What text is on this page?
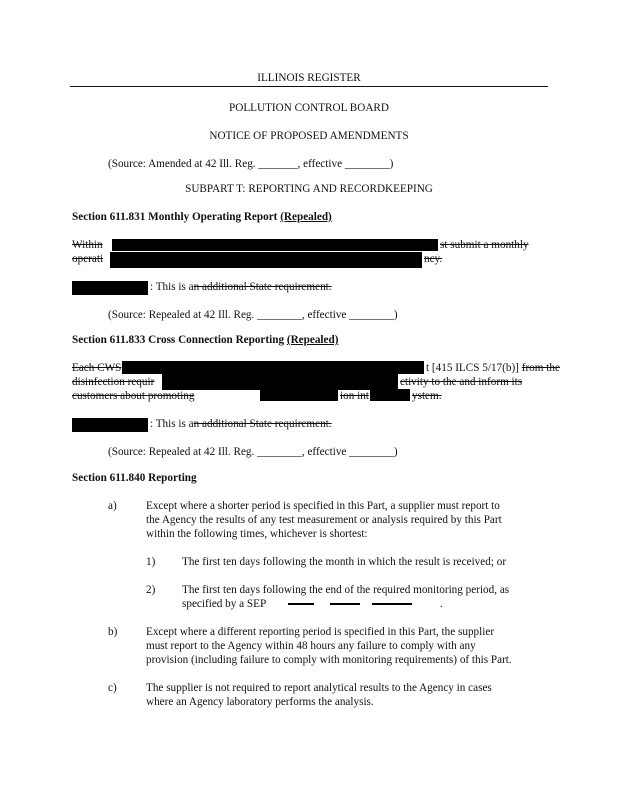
ILLINOIS REGISTER
POLLUTION CONTROL BOARD
NOTICE OF PROPOSED AMENDMENTS
(Source: Amended at 42 Ill. Reg. _______, effective ________)
SUBPART T: REPORTING AND RECORDKEEPING
Section 611.831 Monthly Operating Report (Repealed)
Within	st submit a monthly
operati	ncy.
: This is an additional State requirement.
(Source: Repealed at 42 Ill. Reg. ________, effective ________)
Section 611.833 Cross Connection Reporting (Repealed)
Each CWS	t [415 ILCS 5/17(b)] from the
disinfection requir	ctivity to the and inform its
customers about promoting	ion int	ystem.
: This is an additional State requirement.
(Source: Repealed at 42 Ill. Reg. ________, effective ________)
Section 611.840 Reporting
a)	Except where a shorter period is specified in this Part, a supplier must report to
the Agency the results of any test measurement or analysis required by this Part
within the following times, whichever is shortest:
1) The first ten days following the month in which the result is received; or
2) The first ten days following the end of the required monitoring period, as
specified by a SEP	.
b)	Except where a different reporting period is specified in this Part, the supplier
must report to the Agency within 48 hours any failure to comply with any
provision (including failure to comply with monitoring requirements) of this Part.
c)	The supplier is not required to report analytical results to the Agency in cases
where an Agency laboratory performs the analysis.
